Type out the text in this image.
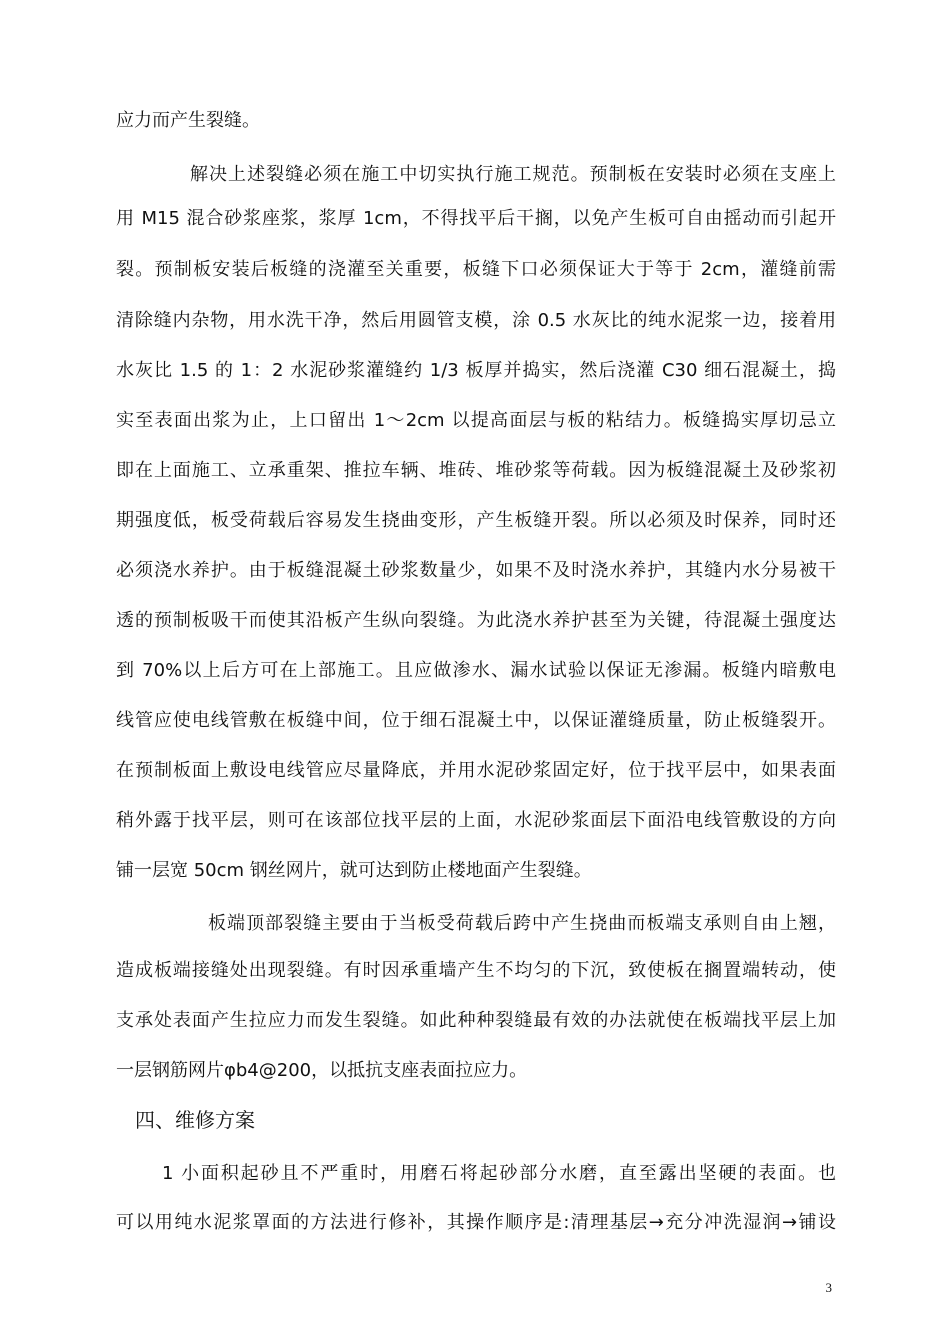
应力而产生裂缝。
解决上述裂缝必须在施工中切实执行施工规范。预制板在安装时必须在支座上
用 M15 混合砂浆座浆，浆厚 1cm，不得找平后干搁，以免产生板可自由摇动而引起开
裂。预制板安装后板缝的浇灌至关重要，板缝下口必须保证大于等于 2cm，灌缝前需
清除缝内杂物，用水洗干净，然后用圆管支模，涂 0.5 水灰比的纯水泥浆一边，接着用
水灰比 1.5 的 1：2 水泥砂浆灌缝约 1/3 板厚并捣实，然后浇灌 C30 细石混凝土，捣
实至表面出浆为止，上口留出 1～2cm 以提高面层与板的粘结力。板缝捣实厚切忌立
即在上面施工、立承重架、推拉车辆、堆砖、堆砂浆等荷载。因为板缝混凝土及砂浆初
期强度低，板受荷载后容易发生挠曲变形，产生板缝开裂。所以必须及时保养，同时还
必须浇水养护。由于板缝混凝土砂浆数量少，如果不及时浇水养护，其缝内水分易被干
透的预制板吸干而使其沿板产生纵向裂缝。为此浇水养护甚至为关键，待混凝土强度达
到 70%以上后方可在上部施工。且应做渗水、漏水试验以保证无渗漏。板缝内暗敷电
线管应使电线管敷在板缝中间，位于细石混凝土中，以保证灌缝质量，防止板缝裂开。
在预制板面上敷设电线管应尽量降底，并用水泥砂浆固定好，位于找平层中，如果表面
稍外露于找平层，则可在该部位找平层的上面，水泥砂浆面层下面沿电线管敷设的方向
铺一层宽 50cm 钢丝网片，就可达到防止楼地面产生裂缝。
板端顶部裂缝主要由于当板受荷载后跨中产生挠曲而板端支承则自由上翘，
造成板端接缝处出现裂缝。有时因承重墙产生不均匀的下沉，致使板在搁置端转动，使
支承处表面产生拉应力而发生裂缝。如此种种裂缝最有效的办法就使在板端找平层上加
一层钢筋网片φb4@200，以抵抗支座表面拉应力。
四、维修方案
1 小面积起砂且不严重时，用磨石将起砂部分水磨，直至露出坚硬的表面。也
可以用纯水泥浆罩面的方法进行修补，其操作顺序是:清理基层→充分冲洗湿润→铺设
3
